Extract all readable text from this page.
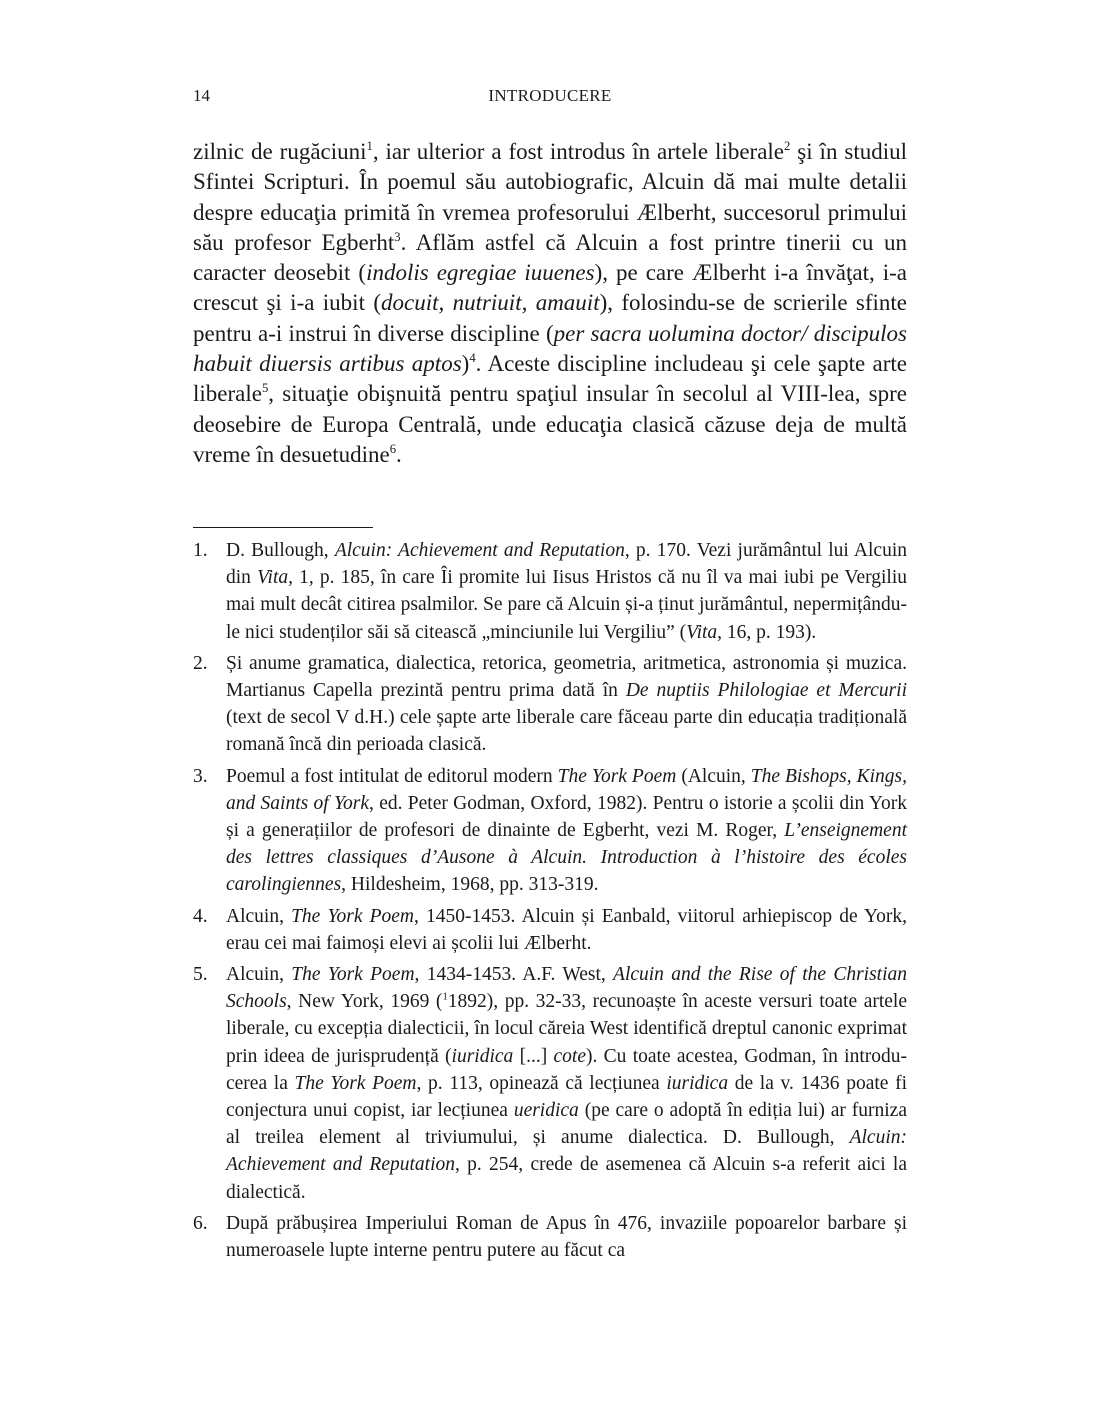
14	INTRODUCERE

zilnic de rugăciuni$^1$, iar ulterior a fost introdus în artele liberale$^2$ şi în studiul Sfintei Scripturi. În poemul său autobiografic, Alcuin dă mai multe detalii despre educaţia primită în vremea profesorului Ælberht, succesorul primului său profesor Egberht$^3$. Aflăm astfel că Alcuin a fost printre tinerii cu un caracter deosebit (indolis egregiae iuuenes), pe care Ælberht i-a învăţat, i-a crescut şi i-a iubit (docuit, nutriuit, amauit), folosindu-se de scrierile sfinte pentru a-i instrui în diverse discipline (per sacra uolumina doctor/ discipulos habuit diuersis artibus aptos)$^4$. Aceste discipline includeau şi cele şapte arte liberale$^5$, situaţie obişnuită pentru spaţiul insular în secolul al VIII-lea, spre deosebire de Europa Centrală, unde educaţia clasică căzuse deja de multă vreme în desuetudine$^6$.

1. D. Bullough, Alcuin: Achievement and Reputation, p. 170. Vezi jurământul lui Alcuin din Vita, 1, p. 185, în care Îi promite lui Iisus Hristos că nu îl va mai iubi pe Vergiliu mai mult decât citirea psalmilor. Se pare că Alcuin și-a ținut jurământul, nepermițându-le nici studenților săi să citească „minciunile lui Vergiliu” (Vita, 16, p. 193).
2. Și anume gramatica, dialectica, retorica, geometria, aritmetica, astronomia și muzica. Martianus Capella prezintă pentru prima dată în De nuptiis Philologiae et Mercurii (text de secol V d.H.) cele șapte arte liberale care făceau parte din educația tradițională romană încă din perioada clasică.
3. Poemul a fost intitulat de editorul modern The York Poem (Alcuin, The Bishops, Kings, and Saints of York, ed. Peter Godman, Oxford, 1982). Pentru o istorie a școlii din York și a generațiilor de profesori de dinainte de Egberht, vezi M. Roger, L’enseignement des lettres classiques d’Ausone à Alcuin. Introduction à l’histoire des écoles carolingiennes, Hildesheim, 1968, pp. 313-319.
4. Alcuin, The York Poem, 1450-1453. Alcuin și Eanbald, viitorul arhiepiscop de York, erau cei mai faimoși elevi ai școlii lui Ælberht.
5. Alcuin, The York Poem, 1434-1453. A.F. West, Alcuin and the Rise of the Christian Schools, New York, 1969 ($^1$1892), pp. 32-33, recunoaște în aceste versuri toate artele liberale, cu excepția dialecticii, în locul căreia West identifică dreptul canonic exprimat prin ideea de jurisprudență (iuridica [...] cote). Cu toate acestea, Godman, în introducerea la The York Poem, p. 113, opinează că lecțiunea iuridica de la v. 1436 poate fi conjectura unui copist, iar lecțiunea ueridica (pe care o adoptă în ediția lui) ar furniza al treilea element al triviumului, și anume dialectica. D. Bullough, Alcuin: Achievement and Reputation, p. 254, crede de asemenea că Alcuin s-a referit aici la dialectică.
6. După prăbușirea Imperiului Roman de Apus în 476, invaziile popoarelor barbare și numeroasele lupte interne pentru putere au făcut ca
